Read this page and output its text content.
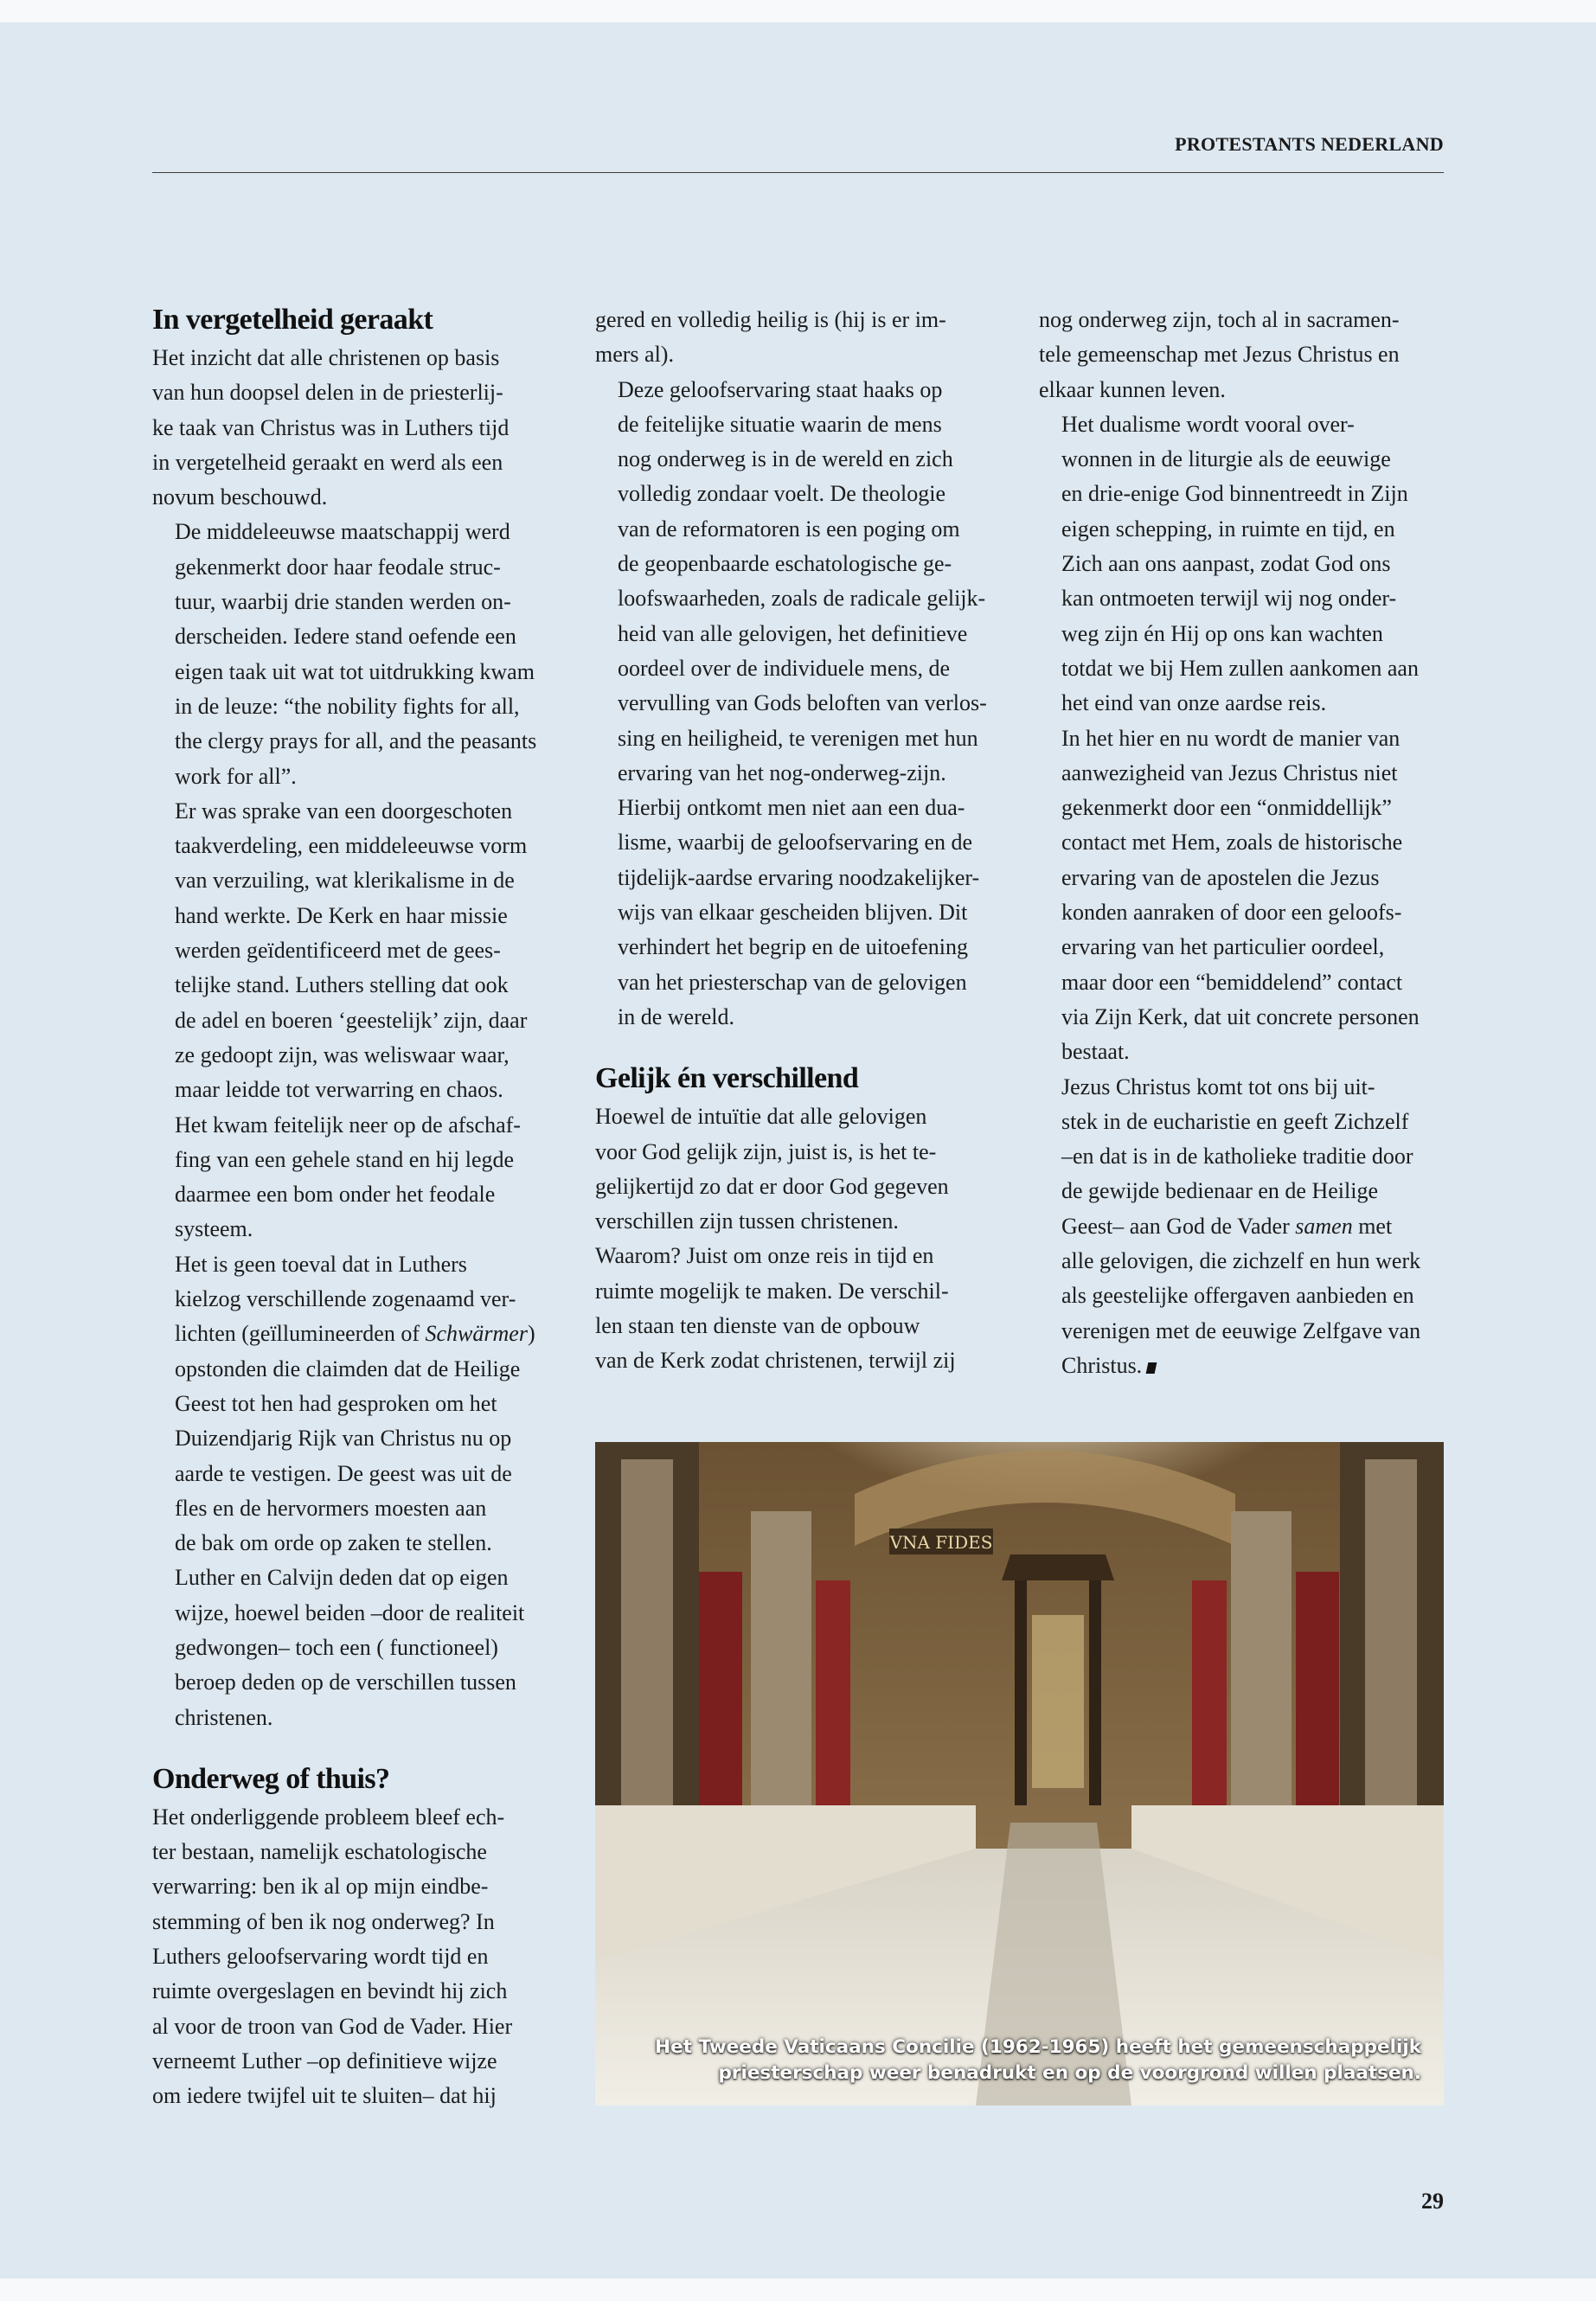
PROTESTANTS NEDERLAND
In vergetelheid geraakt

Het inzicht dat alle christenen op basis
van hun doopsel delen in de priesterlij-
ke taak van Christus was in Luthers tijd
in vergetelheid geraakt en werd als een
novum beschouwd.

De middeleeuwse maatschappij werd
gekenmerkt door haar feodale struc-
tuur, waarbij drie standen werden on-
derscheiden. Iedere stand oefende een
eigen taak uit wat tot uitdrukking kwam
in de leuze: “the nobility fights for all,
the clergy prays for all, and the peasants
work for all”.

Er was sprake van een doorgeschoten
taakverdeling, een middeleeuwse vorm
van verzuiling, wat klerikalisme in de
hand werkte. De Kerk en haar missie
werden geïdentificeerd met de gees-
telijke stand. Luthers stelling dat ook
de adel en boeren ‘geestelijk’ zijn, daar
ze gedoopt zijn, was weliswaar waar,
maar leidde tot verwarring en chaos.
Het kwam feitelijk neer op de afschaf-
fing van een gehele stand en hij legde
daarmee een bom onder het feodale
systeem.

Het is geen toeval dat in Luthers
kielzog verschillende zogenaamd ver-
lichten (geïllumineerden of Schwärmer)
opstonden die claimden dat de Heilige
Geest tot hen had gesproken om het
Duizendjarig Rijk van Christus nu op
aarde te vestigen. De geest was uit de
fles en de hervormers moesten aan
de bak om orde op zaken te stellen.
Luther en Calvijn deden dat op eigen
wijze, hoewel beiden –door de realiteit
gedwongen– toch een ( functioneel)
beroep deden op de verschillen tussen
christenen.

Onderweg of thuis?

Het onderliggende probleem bleef ech-
ter bestaan, namelijk eschatologische
verwarring: ben ik al op mijn eindbe-
stemming of ben ik nog onderweg? In
Luthers geloofservaring wordt tijd en
ruimte overgeslagen en bevindt hij zich
al voor de troon van God de Vader. Hier
verneemt Luther –op definitieve wijze
om iedere twijfel uit te sluiten– dat hij

gered en volledig heilig is (hij is er im-
mers al).

Deze geloofservaring staat haaks op
de feitelijke situatie waarin de mens
nog onderweg is in de wereld en zich
volledig zondaar voelt. De theologie
van de reformatoren is een poging om
de geopenbaarde eschatologische ge-
loofswaarheden, zoals de radicale gelijk-
heid van alle gelovigen, het definitieve
oordeel over de individuele mens, de
vervulling van Gods beloften van verlos-
sing en heiligheid, te verenigen met hun
ervaring van het nog-onderweg-zijn.
Hierbij ontkomt men niet aan een dua-
lisme, waarbij de geloofservaring en de
tijdelijk-aardse ervaring noodzakelijker-
wijs van elkaar gescheiden blijven. Dit
verhindert het begrip en de uitoefening
van het priesterschap van de gelovigen
in de wereld.

Gelijk én verschillend

Hoewel de intuïtie dat alle gelovigen
voor God gelijk zijn, juist is, is het te-
gelijkertijd zo dat er door God gegeven
verschillen zijn tussen christenen.
Waarom? Juist om onze reis in tijd en
ruimte mogelijk te maken. De verschil-
len staan ten dienste van de opbouw
van de Kerk zodat christenen, terwijl zij

nog onderweg zijn, toch al in sacramen-
tele gemeenschap met Jezus Christus en
elkaar kunnen leven.

Het dualisme wordt vooral over-
wonnen in de liturgie als de eeuwige
en drie-enige God binnentreedt in Zijn
eigen schepping, in ruimte en tijd, en
Zich aan ons aanpast, zodat God ons
kan ontmoeten terwijl wij nog onder-
weg zijn én Hij op ons kan wachten
totdat we bij Hem zullen aankomen aan
het eind van onze aardse reis.

In het hier en nu wordt de manier van
aanwezigheid van Jezus Christus niet
gekenmerkt door een “onmiddellijk”
contact met Hem, zoals de historische
ervaring van de apostelen die Jezus
konden aanraken of door een geloofs-
ervaring van het particulier oordeel,
maar door een “bemiddelend” contact
via Zijn Kerk, dat uit concrete personen
bestaat.

Jezus Christus komt tot ons bij uit-
stek in de eucharistie en geeft Zichzelf
–en dat is in de katholieke traditie door
de gewijde bedienaar en de Heilige
Geest– aan God de Vader samen met
alle gelovigen, die zichzelf en hun werk
als geestelijke offergaven aanbieden en
verenigen met de eeuwige Zelfgave van
Christus.

VNA FIDES
Het Tweede Vaticaans Concilie (1962-1965) heeft het gemeenschappelijk
priesterschap weer benadrukt en op de voorgrond willen plaatsen.
29
